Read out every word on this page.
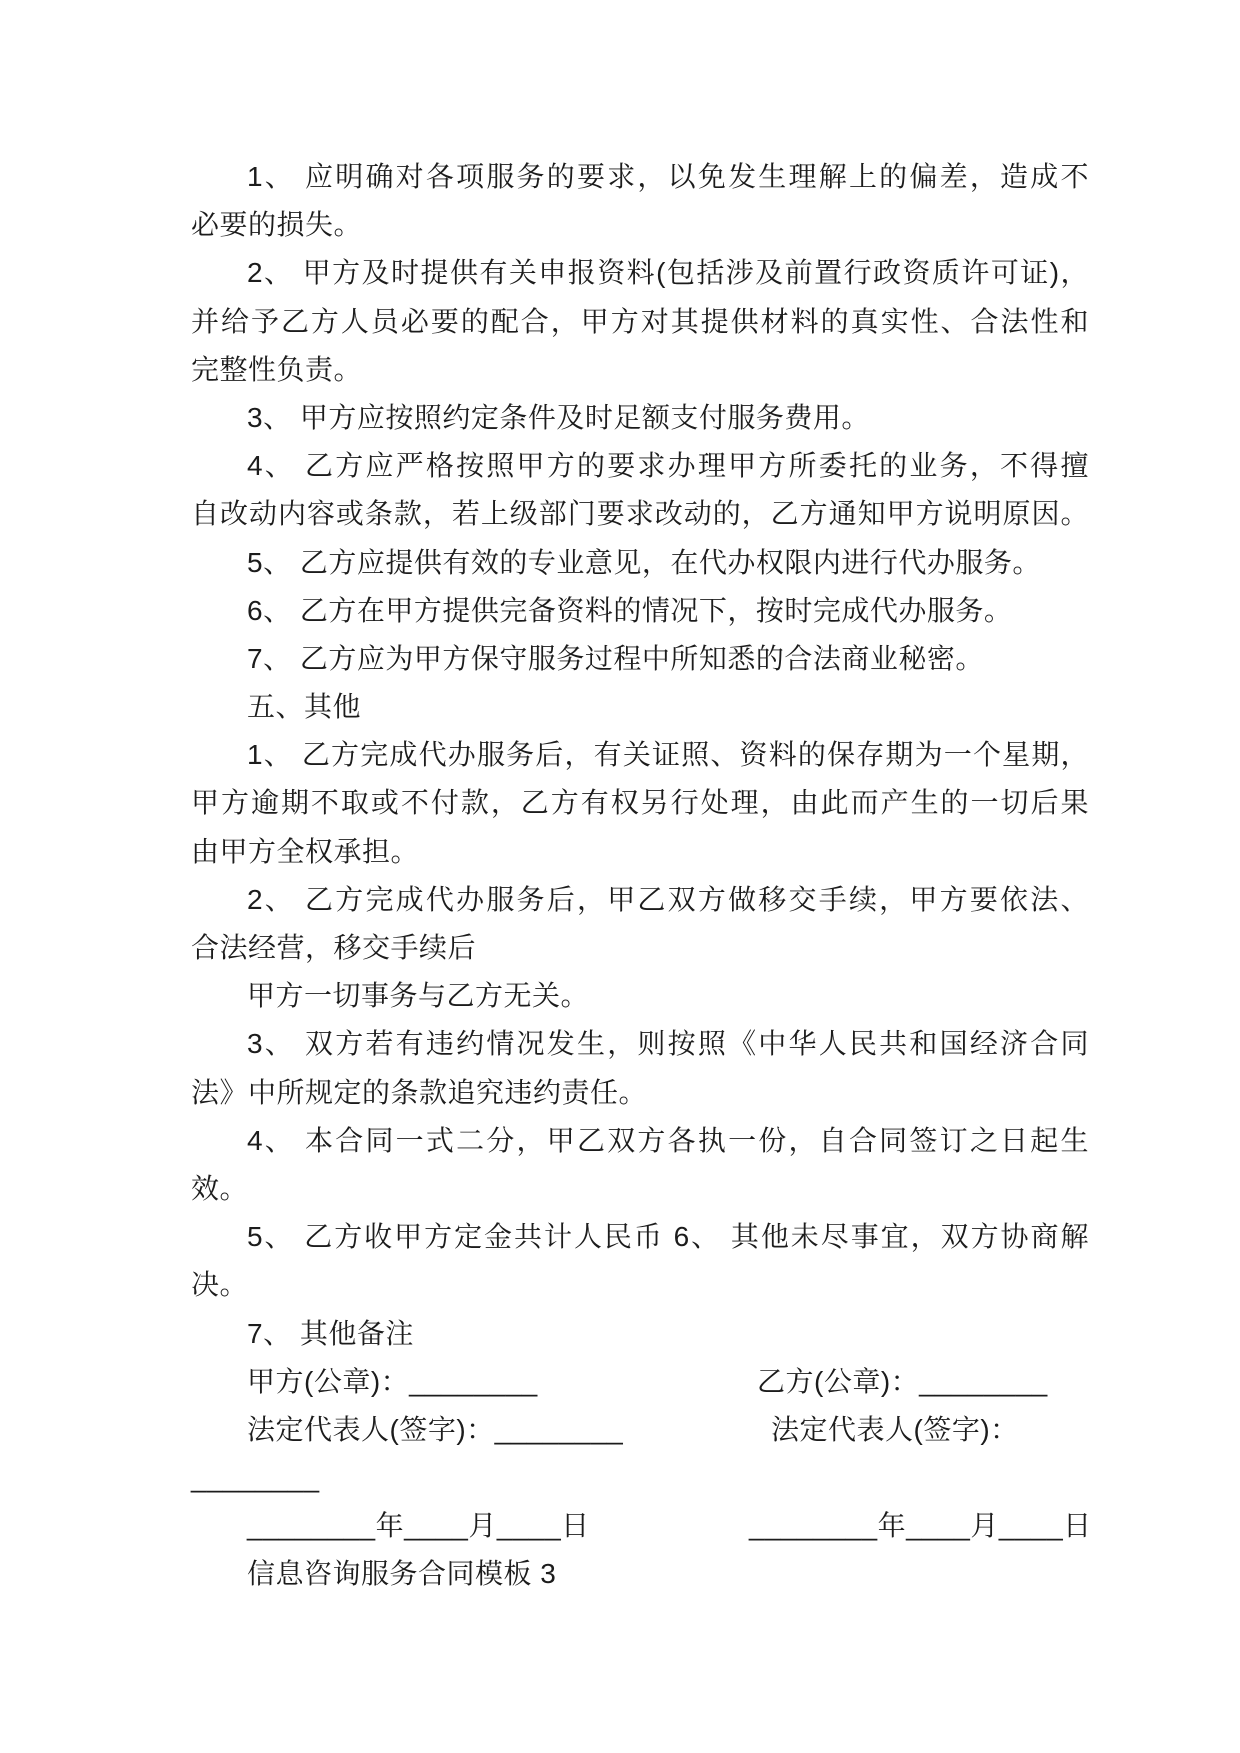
1、 应明确对各项服务的要求，以免发生理解上的偏差，造成不
必要的损失。
2、 甲方及时提供有关申报资料(包括涉及前置行政资质许可证)，
并给予乙方人员必要的配合，甲方对其提供材料的真实性、合法性和
完整性负责。
3、 甲方应按照约定条件及时足额支付服务费用。
4、 乙方应严格按照甲方的要求办理甲方所委托的业务，不得擅
自改动内容或条款，若上级部门要求改动的，乙方通知甲方说明原因。
5、 乙方应提供有效的专业意见，在代办权限内进行代办服务。
6、 乙方在甲方提供完备资料的情况下，按时完成代办服务。
7、 乙方应为甲方保守服务过程中所知悉的合法商业秘密。
五、其他
1、 乙方完成代办服务后，有关证照、资料的保存期为一个星期，
甲方逾期不取或不付款，乙方有权另行处理，由此而产生的一切后果
由甲方全权承担。
2、 乙方完成代办服务后，甲乙双方做移交手续，甲方要依法、
合法经营，移交手续后
甲方一切事务与乙方无关。
3、 双方若有违约情况发生，则按照《中华人民共和国经济合同
法》中所规定的条款追究违约责任。
4、 本合同一式二分，甲乙双方各执一份，自合同签订之日起生
效。
5、 乙方收甲方定金共计人民币 6、 其他未尽事宜，双方协商解
决。
7、 其他备注
甲方(公章)：________	乙方(公章)：________
法定代表人(签字)：________	法定代表人(签字)：
________
________年____月____日	________年____月____日
信息咨询服务合同模板 3
